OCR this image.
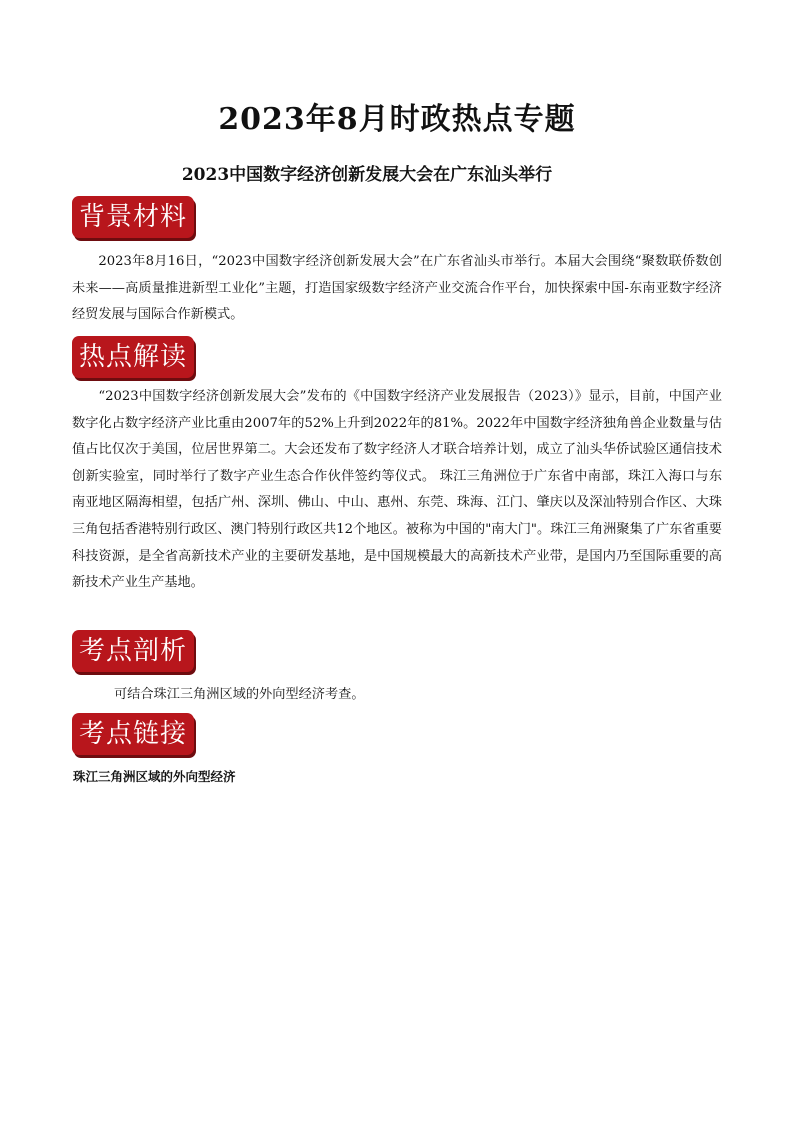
2023年8月时政热点专题
2023中国数字经济创新发展大会在广东汕头举行
背景材料

2023年8月16日，“2023中国数字经济创新发展大会”在广东省汕头市举行。本届大会围绕“聚数联侨数创未来——高质量推进新型工业化”主题，打造国家级数字经济产业交流合作平台，加快探索中国-东南亚数字经济经贸发展与国际合作新模式。

热点解读

“2023中国数字经济创新发展大会”发布的《中国数字经济产业发展报告（2023）》显示，目前，中国产业数字化占数字经济产业比重由2007年的52%上升到2022年的81%。2022年中国数字经济独角兽企业数量与估值占比仅次于美国，位居世界第二。大会还发布了数字经济人才联合培养计划，成立了汕头华侨试验区通信技术创新实验室，同时举行了数字产业生态合作伙伴签约等仪式。 珠江三角洲位于广东省中南部，珠江入海口与东南亚地区隔海相望，包括广州、深圳、佛山、中山、惠州、东莞、珠海、江门、肇庆以及深汕特别合作区、大珠三角包括香港特别行政区、澳门特别行政区共12个地区。被称为中国的"南大门"。珠江三角洲聚集了广东省重要科技资源，是全省高新技术产业的主要研发基地，是中国规模最大的高新技术产业带，是国内乃至国际重要的高新技术产业生产基地。

考点剖析

可结合珠江三角洲区域的外向型经济考查。

考点链接

珠江三角洲区域的外向型经济
